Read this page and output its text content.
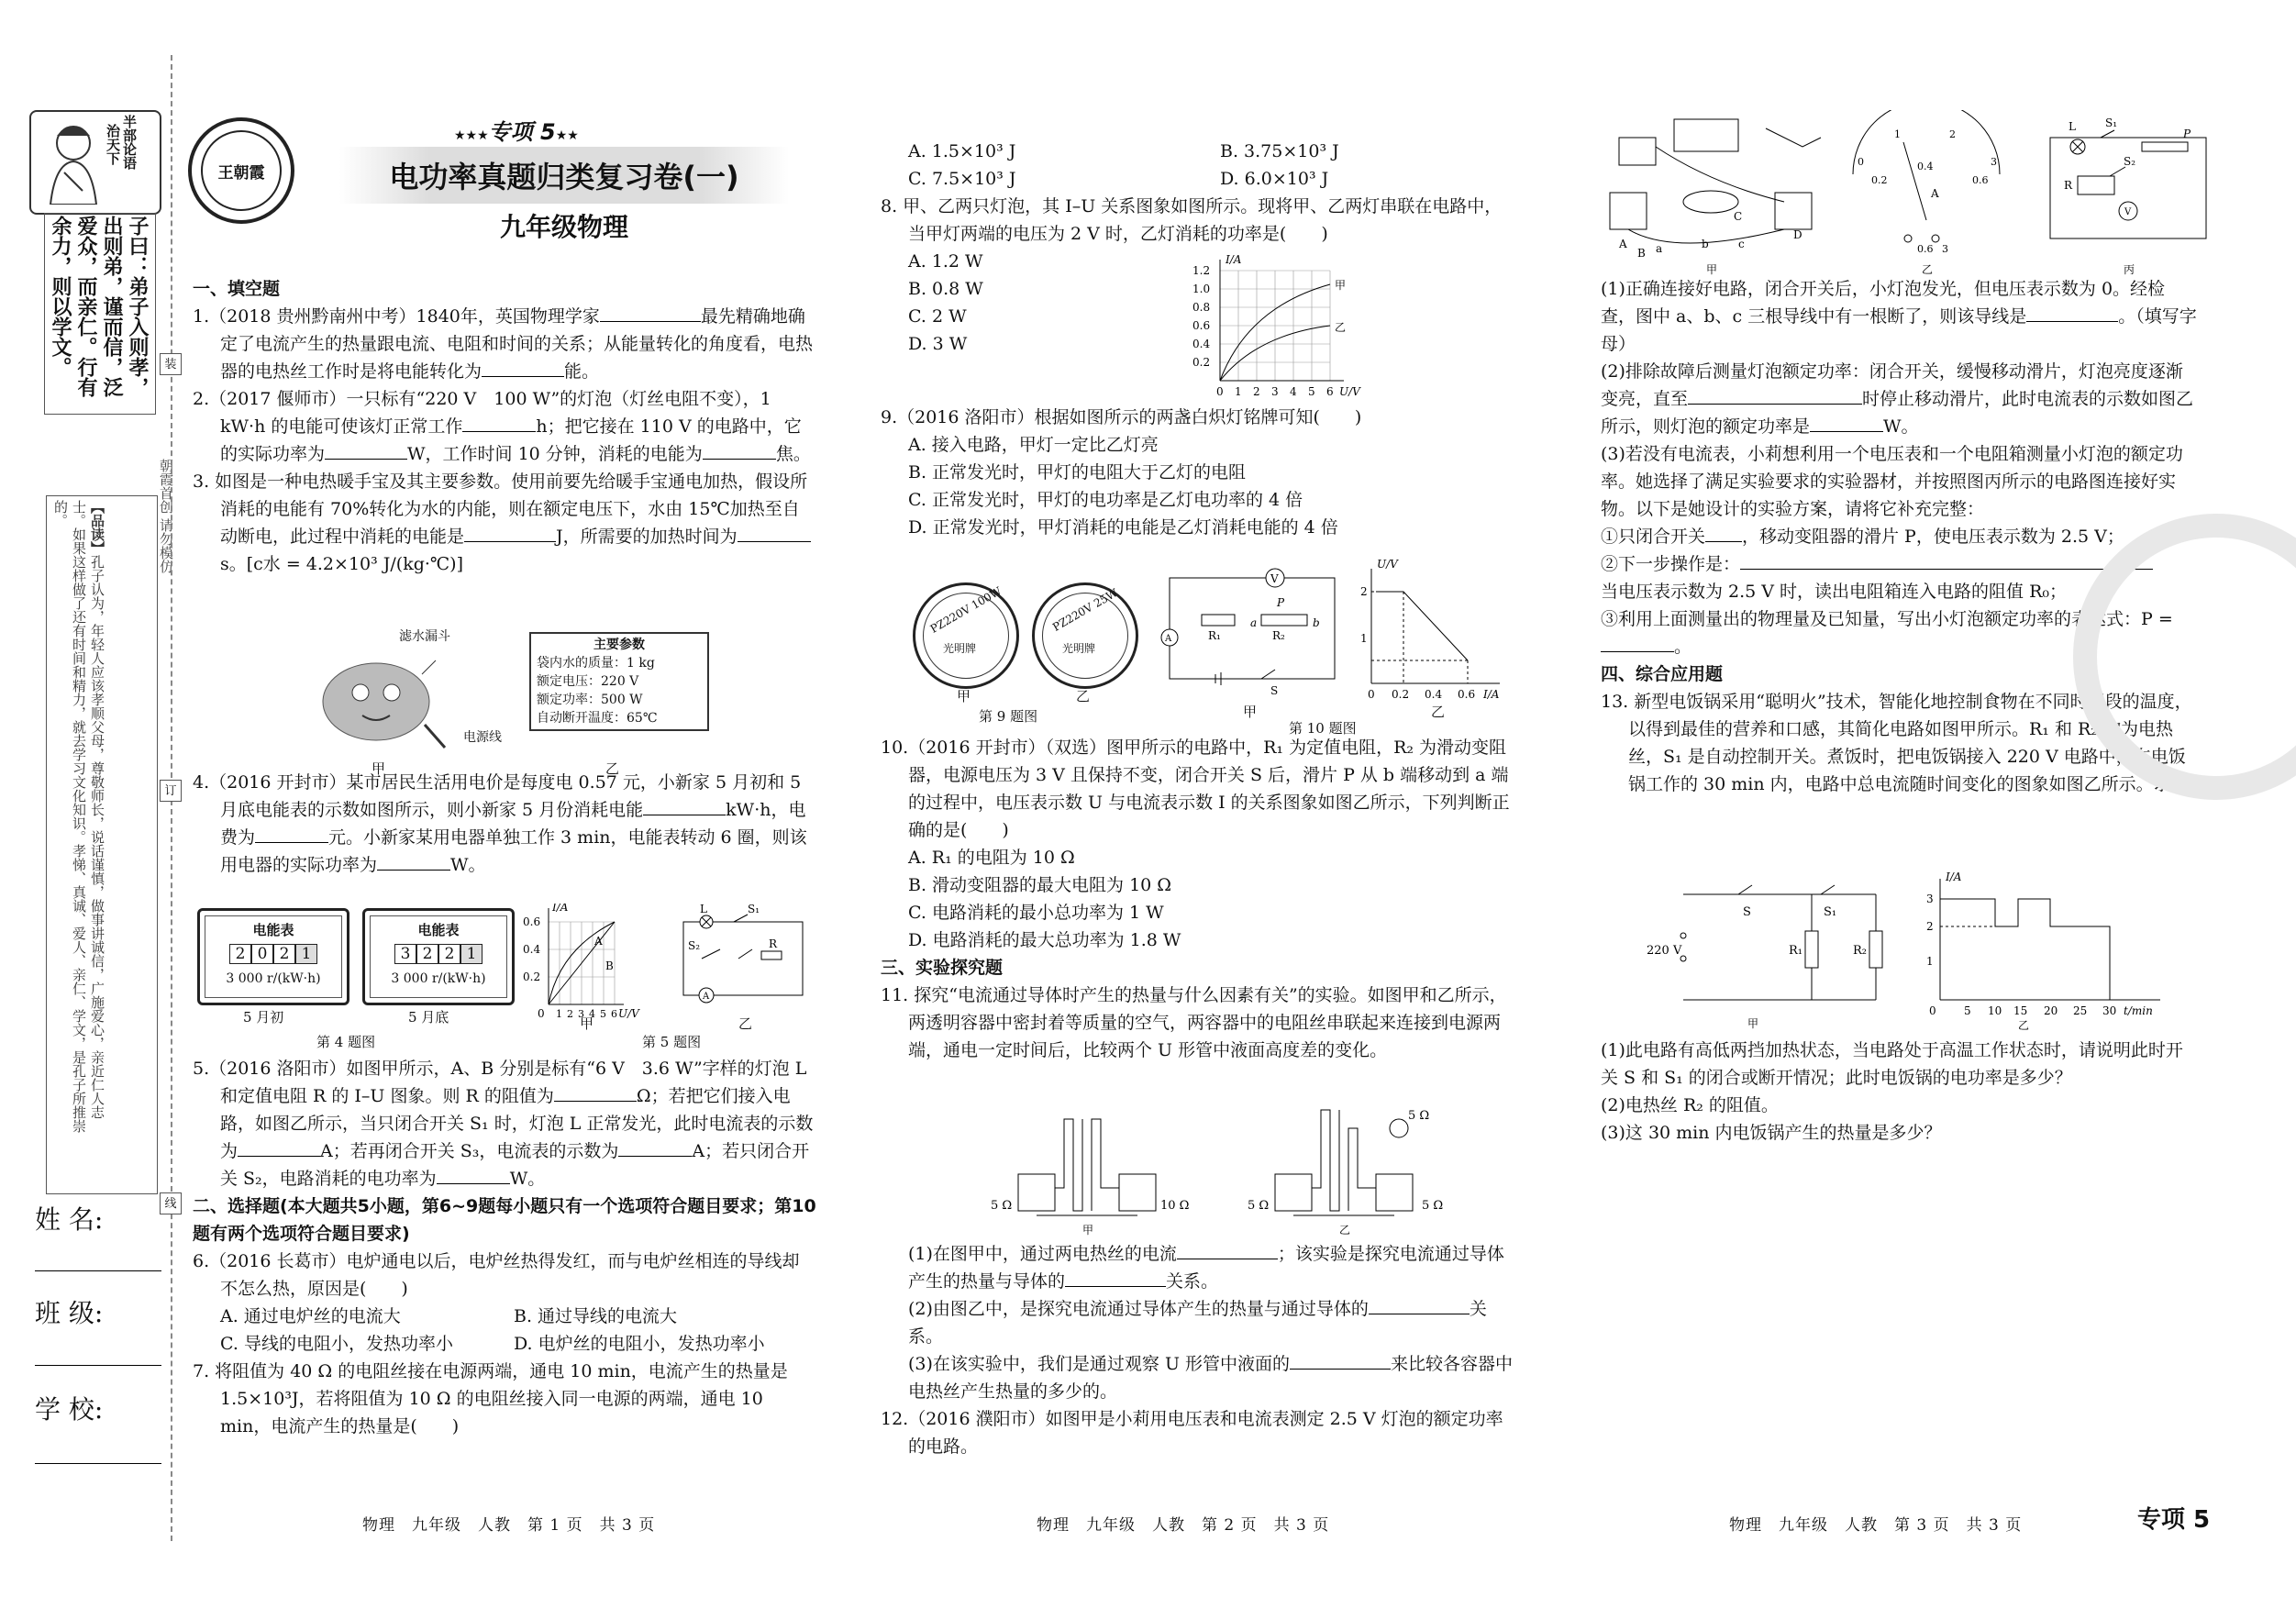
半部论语
治天下
子曰：弟子入则孝，出则弟，谨而信，泛爱众，而亲仁。行有余力，则以学文。
【品读】孔子认为，年轻人应该孝顺父母，尊敬师长，说话谨慎，做事讲诚信，广施爱心，亲近仁人志士。如果这样做了还有时间和精力，就去学习文化知识。孝悌、真诚、爱人、亲仁、学文，是孔子所推崇的。	朝霞首创 请勿模仿
装
订
线
姓 名:
班 级:
学 校:
王朝霞
★★★专项 5★★
电功率真题归类复习卷(一)
九年级物理

一、填空题

1.（2018 贵州黔南州中考）1840年，英国物理学家	最先精确地确定了电流产生的热量跟电流、电阻和时间的关系；从能量转化的角度看，电热器的电热丝工作时是将电能转化为	能。

2.（2017 偃师市）一只标有“220 V　100 W”的灯泡（灯丝电阻不变），1 kW·h 的电能可使该灯正常工作	h；把它接在 110 V 的电路中，它的实际功率为	W，工作时间 10 分钟，消耗的电能为	焦。

3. 如图是一种电热暖手宝及其主要参数。使用前要先给暖手宝通电加热，假设所消耗的电能有 70%转化为水的内能，则在额定电压下，水由 15℃加热至自动断电，此过程中消耗的电能是	J，所需要的加热时间为s。[c水 = 4.2×10³ J/(kg·℃)]

滤水漏斗
电源线
甲
主要参数
袋内水的质量：1 kg
额定电压：220 V
额定功率：500 W
自动断开温度：65℃
乙

4.（2016 开封市）某市居民生活用电价是每度电 0.57 元，小新家 5 月初和 5 月底电能表的示数如图所示，则小新家 5 月份消耗电能	kW·h，电费为	元。小新家某用电器单独工作 3 min，电能表转动 6 圈，则该用电器的实际功率为	W。

电能表
2 0 2 1
3 000 r/(kW·h)
电能表
3 2 2 1
3 000 r/(kW·h)
5 月初	5 月底
第 4 题图
A
B
0.6
0.4
0.2
0
I/A
1 2 3 4 5 6 U/V
L	S₁
S₂	R
A
甲	乙
第 5 题图

5.（2016 洛阳市）如图甲所示，A、B 分别是标有“6 V　3.6 W”字样的灯泡 L 和定值电阻 R 的 I–U 图象。则 R 的阻值为	Ω；若把它们接入电路，如图乙所示，当只闭合开关 S₁ 时，灯泡 L 正常发光，此时电流表的示数为	A；若再闭合开关 S₃，电流表的示数为	A；若只闭合开关 S₂，电路消耗的电功率为	W。

二、选择题(本大题共5小题，第6~9题每小题只有一个选项符合题目要求；第10题有两个选项符合题目要求)

6.（2016 长葛市）电炉通电以后，电炉丝热得发红，而与电炉丝相连的导线却不怎么热，原因是(　　)

A. 通过电炉丝的电流大	B. 通过导线的电流大
C. 导线的电阻小，发热功率小	D. 电炉丝的电阻小，发热功率小

7. 将阻值为 40 Ω 的电阻丝接在电源两端，通电 10 min，电流产生的热量是 1.5×10³J，若将阻值为 10 Ω 的电阻丝接入同一电源的两端，通电 10 min，电流产生的热量是(　　)

A. 1.5×10³ J	B. 3.75×10³ J
C. 7.5×10³ J	D. 6.0×10³ J

8. 甲、乙两只灯泡，其 I–U 关系图象如图所示。现将甲、乙两灯串联在电路中，当甲灯两端的电压为 2 V 时，乙灯消耗的功率是(　　)

A. 1.2 W

B. 0.8 W

C. 2 W

D. 3 W

甲
乙
I/A
1.2
1.0
0.8
0.6
0.4
0.2
0 1 2 3 4 5 6 U/V

9.（2016 洛阳市）根据如图所示的两盏白炽灯铭牌可知(　　)

A. 接入电路，甲灯一定比乙灯亮

B. 正常发光时，甲灯的电阻大于乙灯的电阻

C. 正常发光时，甲灯的电功率是乙灯电功率的 4 倍

D. 正常发光时，甲灯消耗的电能是乙灯消耗电能的 4 倍

PZ220V 100W
光明牌
PZ220V 25W
光明牌
甲	乙
第 9 题图
V
P
R₁	R₂
a	b
A
S
2
1
U/V
0 0.2 0.4 0.6 I/A
甲	乙
第 10 题图

10.（2016 开封市）（双选）图甲所示的电路中，R₁ 为定值电阻，R₂ 为滑动变阻器，电源电压为 3 V 且保持不变，闭合开关 S 后，滑片 P 从 b 端移动到 a 端的过程中，电压表示数 U 与电流表示数 I 的关系图象如图乙所示，下列判断正确的是(　　)

A. R₁ 的电阻为 10 Ω

B. 滑动变阻器的最大电阻为 10 Ω

C. 电路消耗的最小总功率为 1 W

D. 电路消耗的最大总功率为 1.8 W

三、实验探究题

11. 探究“电流通过导体时产生的热量与什么因素有关”的实验。如图甲和乙所示，两透明容器中密封着等质量的空气，两容器中的电阻丝串联起来连接到电源两端，通电一定时间后，比较两个 U 形管中液面高度差的变化。

5 Ω	10 Ω	5 Ω	5 Ω
5 Ω
甲	乙

(1)在图甲中，通过两电热丝的电流	；该实验是探究电流通过导体产生的热量与导体的	关系。

(2)由图乙中，是探究电流通过导体产生的热量与通过导体的	关系。

(3)在该实验中，我们是通过观察 U 形管中液面的	来比较各容器中电热丝产生热量的多少的。

12.（2016 濮阳市）如图甲是小莉用电压表和电流表测定 2.5 V 灯泡的额定功率的电路。

a	b	c
A
B
C
D
0
1	2
3
0.2
0.4
0.6
A
0.6 3
L	S₁
S₂
P
R
V
甲	乙	丙

(1)正确连接好电路，闭合开关后，小灯泡发光，但电压表示数为 0。经检查，图中 a、b、c 三根导线中有一根断了，则该导线是	。（填写字母）

(2)排除故障后测量灯泡额定功率：闭合开关，缓慢移动滑片，灯泡亮度逐渐变亮，直至	时停止移动滑片，此时电流表的示数如图乙所示，则灯泡的额定功率是	W。

(3)若没有电流表，小莉想利用一个电压表和一个电阻箱测量小灯泡的额定功率。她选择了满足实验要求的实验器材，并按照图丙所示的电路图连接好实物。以下是她设计的实验方案，请将它补充完整：

①只闭合开关 ，移动变阻器的滑片 P，使电压表示数为 2.5 V；

②下一步操作是：

当电压表示数为 2.5 V 时，读出电阻箱连入电路的阻值 R₀；

③利用上面测量出的物理量及已知量，写出小灯泡额定功率的表达式：P =。

四、综合应用题

13. 新型电饭锅采用“聪明火”技术，智能化地控制食物在不同时间段的温度，以得到最佳的营养和口感，其简化电路如图甲所示。R₁ 和 R₂ 均为电热丝，S₁ 是自动控制开关。煮饭时，把电饭锅接入 220 V 电路中，在电饭锅工作的 30 min 内，电路中总电流随时间变化的图象如图乙所示。求：

220 V
S	S₁
R₁	R₂
甲
3
2
1
I/A
0	5 10 15 20 25 30 t/min
乙

(1)此电路有高低两挡加热状态，当电路处于高温工作状态时，请说明此时开关 S 和 S₁ 的闭合或断开情况；此时电饭锅的电功率是多少？

(2)电热丝 R₂ 的阻值。

(3)这 30 min 内电饭锅产生的热量是多少？

物理　九年级　人教　第 1 页　共 3 页	物理　九年级　人教　第 2 页　共 3 页	物理　九年级　人教　第 3 页　共 3 页	专项 5
